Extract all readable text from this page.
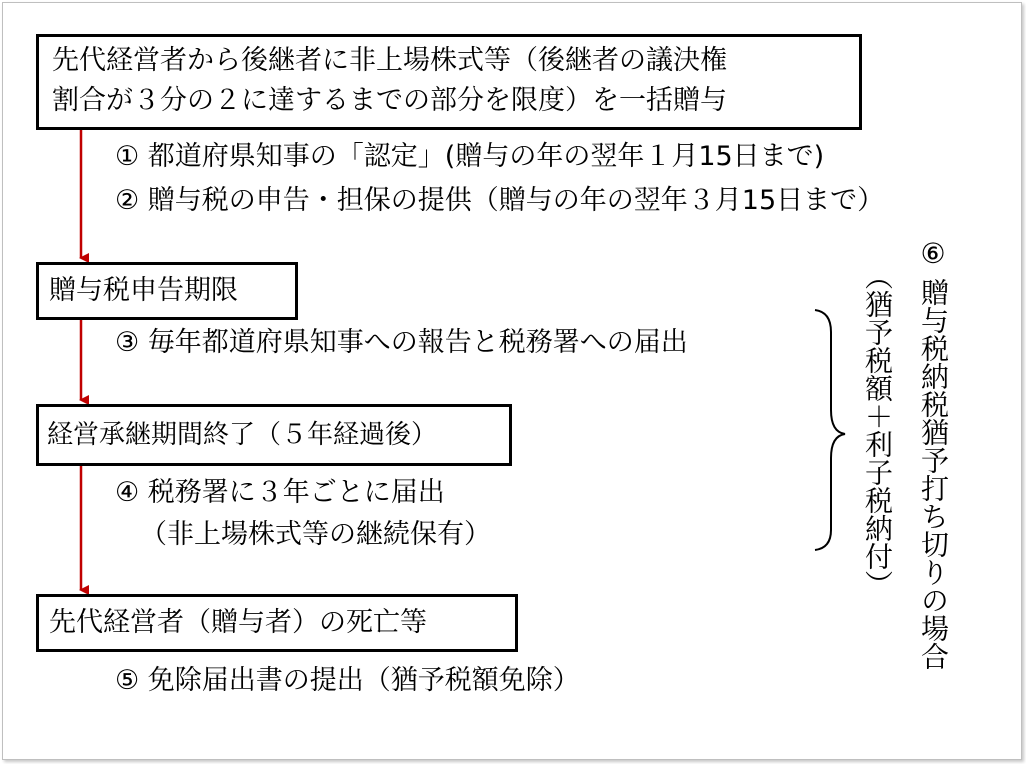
先代経営者から後継者に非上場株式等（後継者の議決権
割合が３分の２に達するまでの部分を限度）を一括贈与
① 都道府県知事の「認定」(贈与の年の翌年１月15日まで)
② 贈与税の申告・担保の提供（贈与の年の翌年３月15日まで）
贈与税申告期限
③ 毎年都道府県知事への報告と税務署への届出
経営承継期間終了（５年経過後）
④ 税務署に３年ごとに届出
（非上場株式等の継続保有）
先代経営者（贈与者）の死亡等
⑤ 免除届出書の提出（猶予税額免除）
⑥
贈与税納税猶予打ち切りの場合
（猶予税額＋利子税納付）
